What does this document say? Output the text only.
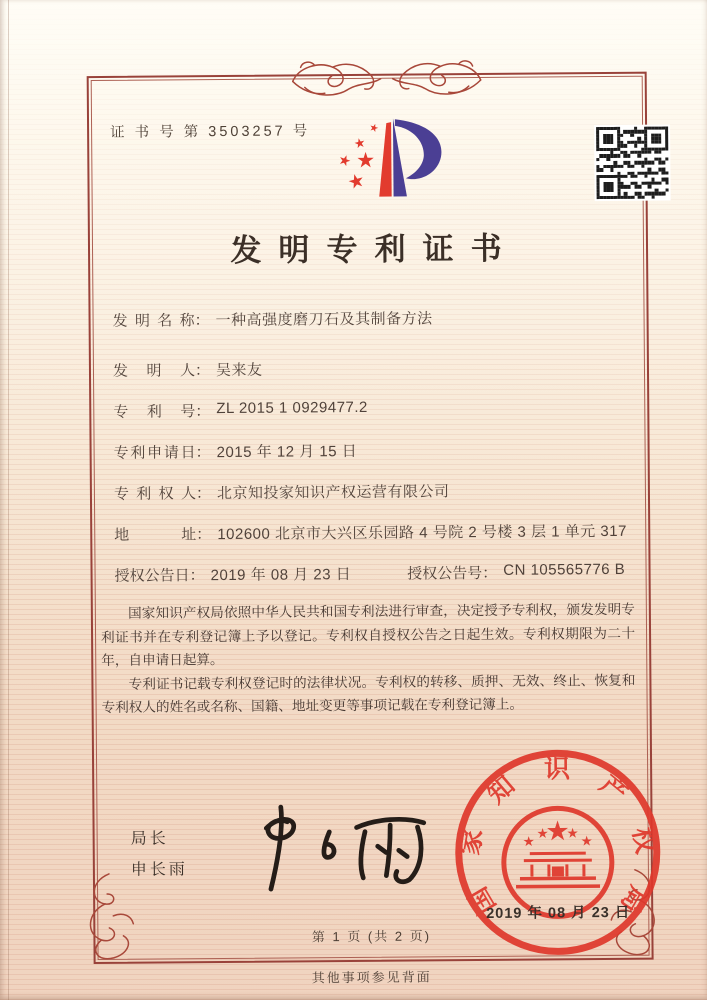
证 书 号 第 3503257 号
发明专利证书
发明名称 ： 一种高强度磨刀石及其制备方法
发明人 ： 吴来友
专利号 ： ZL 2015 1 0929477.2
专利申请日 ： 2015 年 12 月 15 日
专利权人 ： 北京知投家知识产权运营有限公司
地址 ： 102600 北京市大兴区乐园路 4 号院 2 号楼 3 层 1 单元 317
授权公告日 ： 2019 年 08 月 23 日	授权公告号 ： CN 105565776 B

国家知识产权局依照中华人民共和国专利法进行审查，决定授予专利权，颁发发明专利证书并在专利登记簿上予以登记。专利权自授权公告之日起生效。专利权期限为二十年，自申请日起算。

专利证书记载专利权登记时的法律状况。专利权的转移、质押、无效、终止、恢复和专利权人的姓名或名称、国籍、地址变更等事项记载在专利登记簿上。

局长
申长雨
国
家
知
识
产
权
局
2019 年 08 月 23 日
第 1 页 (共 2 页)
其他事项参见背面
